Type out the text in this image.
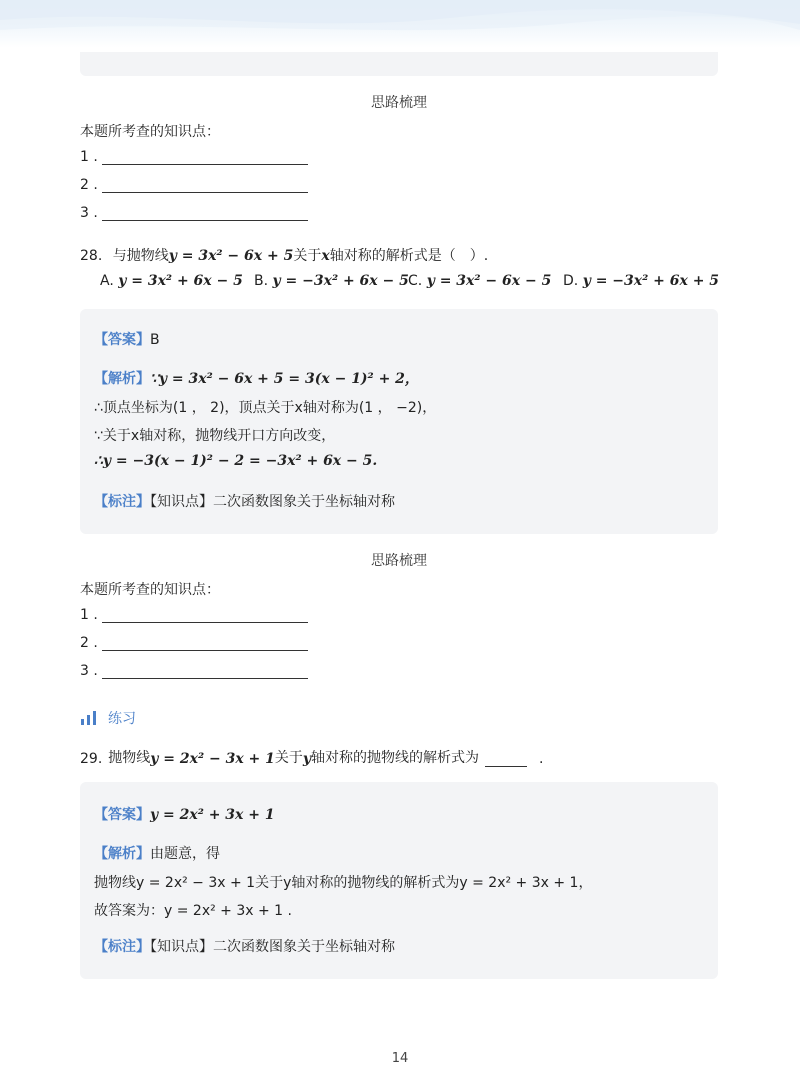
思路梳理
本题所考查的知识点：
1 .
2 .
3 .
28. 与抛物线y = 3x² − 6x + 5关于x轴对称的解析式是（　）.
A. y = 3x² + 6x − 5 B. y = −3x² + 6x − 5 C. y = 3x² − 6x − 5 D. y = −3x² + 6x + 5
【答案】B
【解析】∵y = 3x² − 6x + 5 = 3(x − 1)² + 2，
∴顶点坐标为(1 ， 2)，顶点关于x轴对称为(1 ， −2)，
∵关于x轴对称，抛物线开口方向改变，
∴y = −3(x − 1)² − 2 = −3x² + 6x − 5.
【标注】【知识点】二次函数图象关于坐标轴对称
思路梳理
本题所考查的知识点：
1 .
2 .
3 .
练习
29. 抛物线 y = 2x² − 3x + 1 关于 y 轴对称的抛物线的解析式为	.
【答案】y = 2x² + 3x + 1
【解析】由题意，得
抛物线y = 2x² − 3x + 1关于y轴对称的抛物线的解析式为y = 2x² + 3x + 1，
故答案为：y = 2x² + 3x + 1 .
【标注】【知识点】二次函数图象关于坐标轴对称
14
